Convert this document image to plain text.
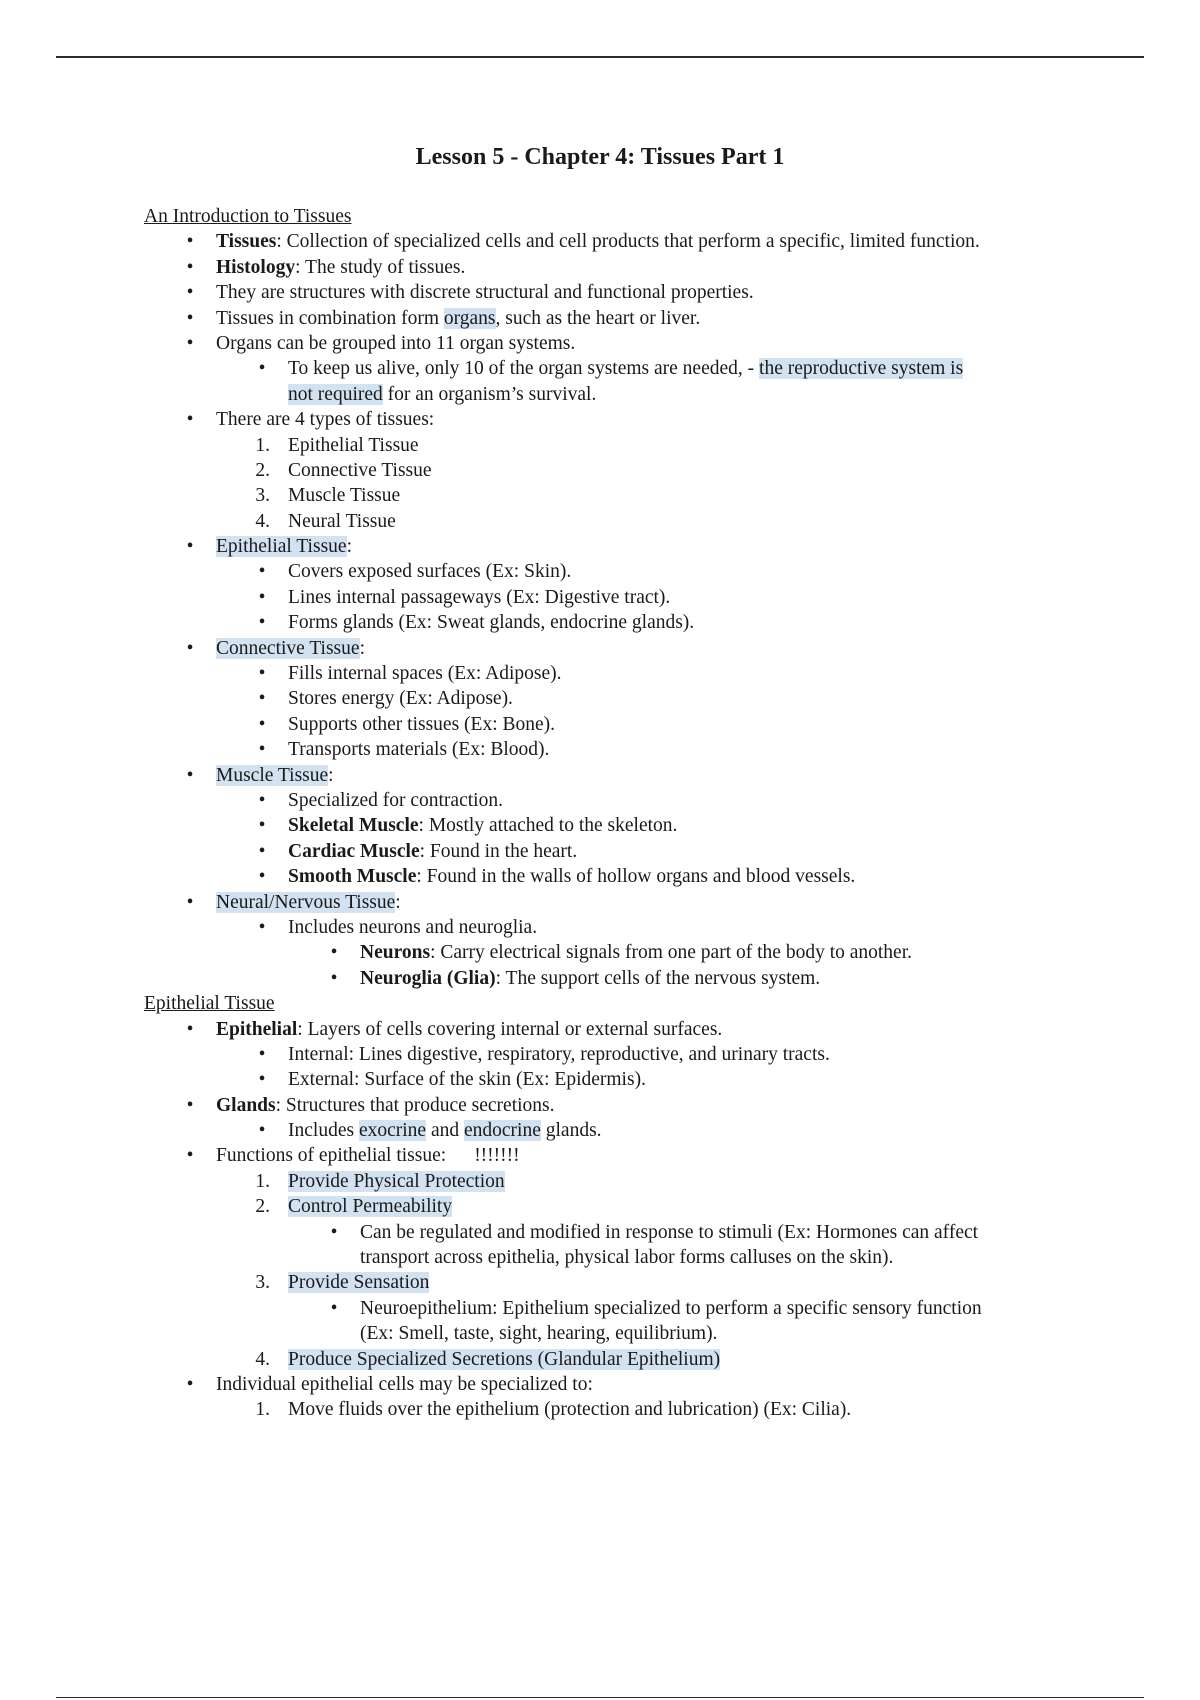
Lesson 5 - Chapter 4: Tissues Part 1
An Introduction to Tissues
•	Tissues: Collection of specialized cells and cell products that perform a specific, limited function.
•	Histology: The study of tissues.
•	They are structures with discrete structural and functional properties.
•	Tissues in combination form organs, such as the heart or liver.
•	Organs can be grouped into 11 organ systems.
•	To keep us alive, only 10 of the organ systems are needed, - the reproductive system is
not required for an organism’s survival.
•	There are 4 types of tissues:
1. Epithelial Tissue
2. Connective Tissue
3. Muscle Tissue
4. Neural Tissue
•	Epithelial Tissue:
•	Covers exposed surfaces (Ex: Skin).
•	Lines internal passageways (Ex: Digestive tract).
•	Forms glands (Ex: Sweat glands, endocrine glands).
•	Connective Tissue:
•	Fills internal spaces (Ex: Adipose).
•	Stores energy (Ex: Adipose).
•	Supports other tissues (Ex: Bone).
•	Transports materials (Ex: Blood).
•	Muscle Tissue:
•	Specialized for contraction.
•	Skeletal Muscle: Mostly attached to the skeleton.
•	Cardiac Muscle: Found in the heart.
•	Smooth Muscle: Found in the walls of hollow organs and blood vessels.
•	Neural/Nervous Tissue:
•	Includes neurons and neuroglia.
•	Neurons: Carry electrical signals from one part of the body to another.
•	Neuroglia (Glia): The support cells of the nervous system.
Epithelial Tissue
•	Epithelial: Layers of cells covering internal or external surfaces.
•	Internal: Lines digestive, respiratory, reproductive, and urinary tracts.
•	External: Surface of the skin (Ex: Epidermis).
•	Glands: Structures that produce secretions.
•	Includes exocrine and endocrine glands.
•	Functions of epithelial tissue: !!!!!!!
1. Provide Physical Protection
2. Control Permeability
•	Can be regulated and modified in response to stimuli (Ex: Hormones can affect
transport across epithelia, physical labor forms calluses on the skin).
3. Provide Sensation
•	Neuroepithelium: Epithelium specialized to perform a specific sensory function
(Ex: Smell, taste, sight, hearing, equilibrium).
4. Produce Specialized Secretions (Glandular Epithelium)
•	Individual epithelial cells may be specialized to:
1. Move fluids over the epithelium (protection and lubrication) (Ex: Cilia).
